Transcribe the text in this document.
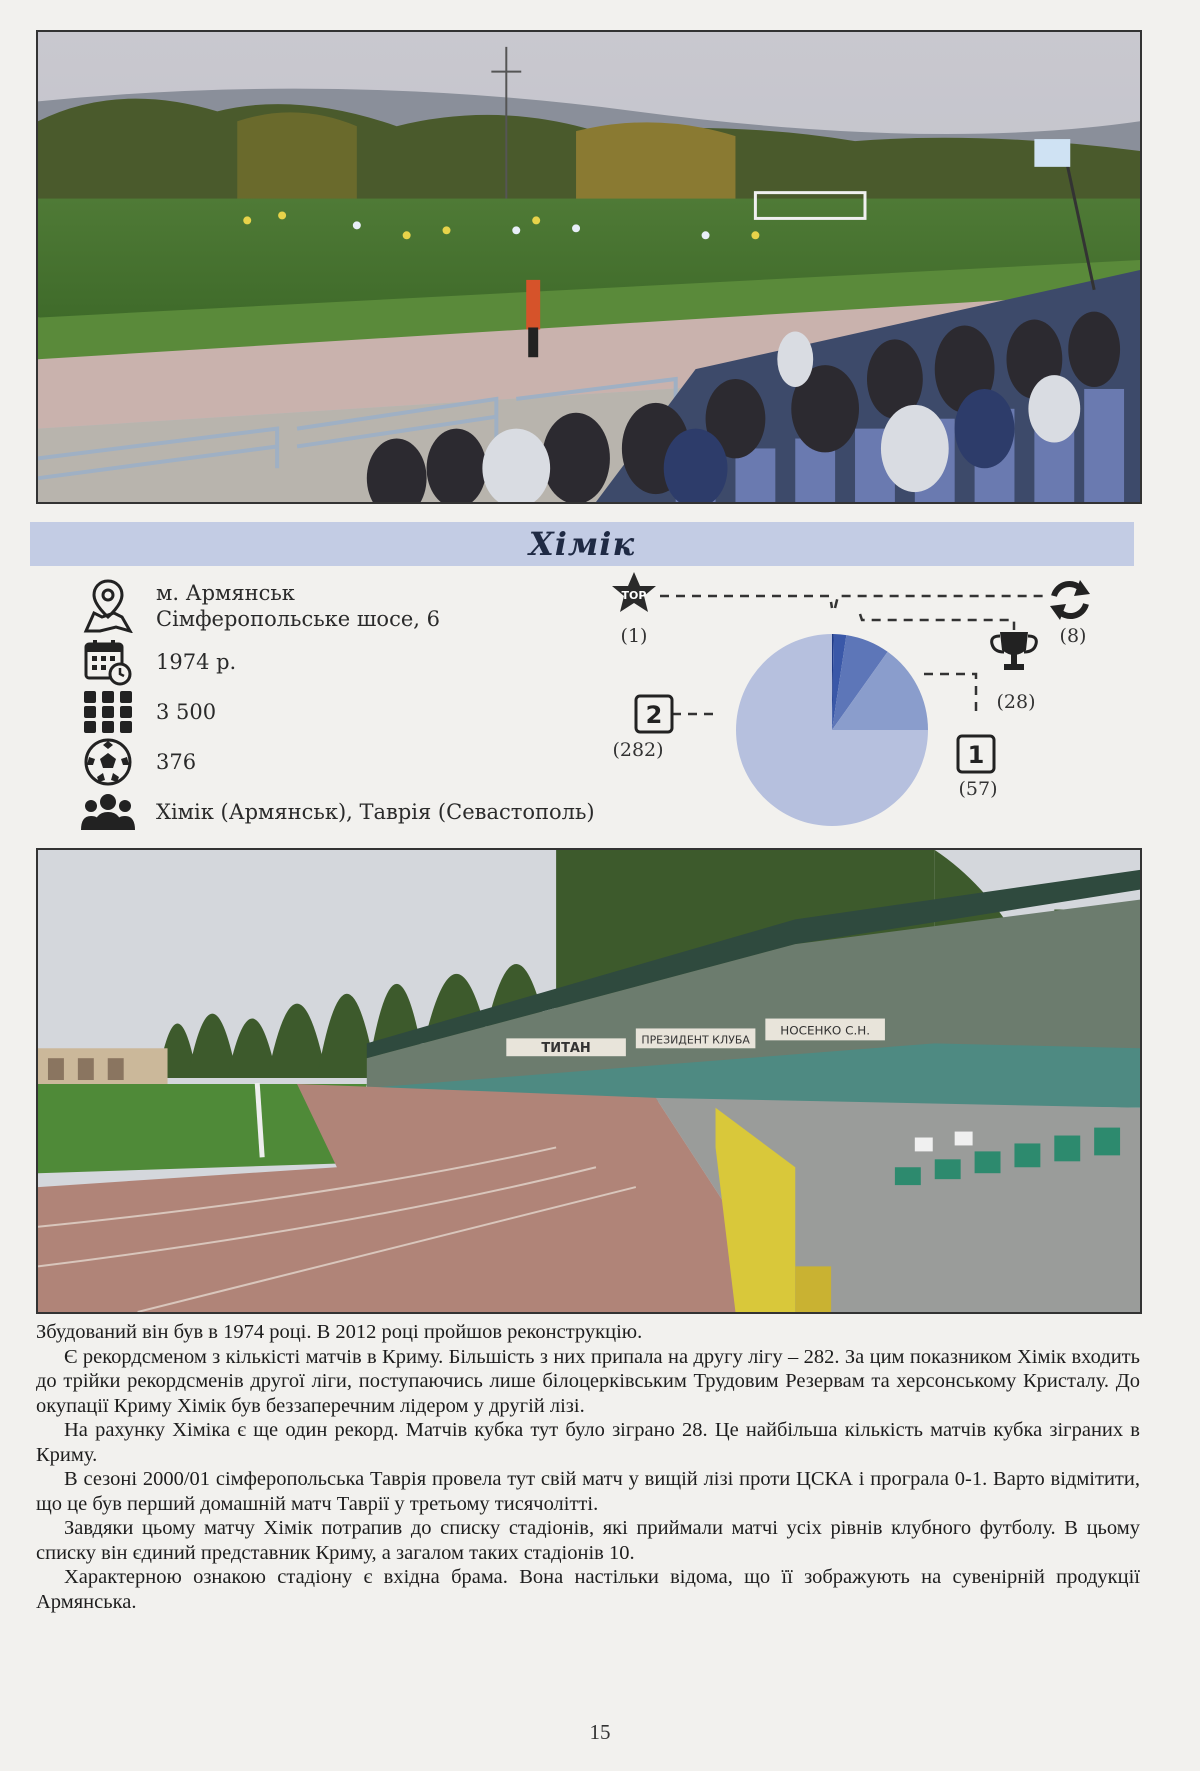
Хімік
м. Армянськ
Сімферопольське шосе, 6
1974 р.
3 500
376
Хімік (Армянськ), Таврія (Севастополь)
TOP
2
1
(1)	(8)
(28)
(57)
(282)
ТИТАН
ПРЕЗИДЕНТ КЛУБА
НОСЕНКО С.Н.

Збудований він був в 1974 році. В 2012 році пройшов реконструкцію.

Є рекордсменом з кількісті матчів в Криму. Більшість з них припала на другу лігу – 282. За цим показником Хімік входить до трійки рекордсменів другої ліги, поступаючись лише білоцерківським Трудовим Резервам та херсонському Кристалу. До окупації Криму Хімік був беззаперечним лідером у другій лізі.

На рахунку Хіміка є ще один рекорд. Матчів кубка тут було зіграно 28. Це найбільша кількість матчів кубка зіграних в Криму.

В сезоні 2000/01 сімферопольська Таврія провела тут свій матч у вищій лізі проти ЦСКА і програла 0-1. Варто відмітити, що це був перший домашній матч Таврії у третьому тисячолітті.

Завдяки цьому матчу Хімік потрапив до списку стадіонів, які приймали матчі усіх рівнів клубного футболу. В цьому списку він єдиний представник Криму, а загалом таких стадіонів 10.

Характерною ознакою стадіону є вхідна брама. Вона настільки відома, що її зображують на сувенірній продукції Армянська.

15
